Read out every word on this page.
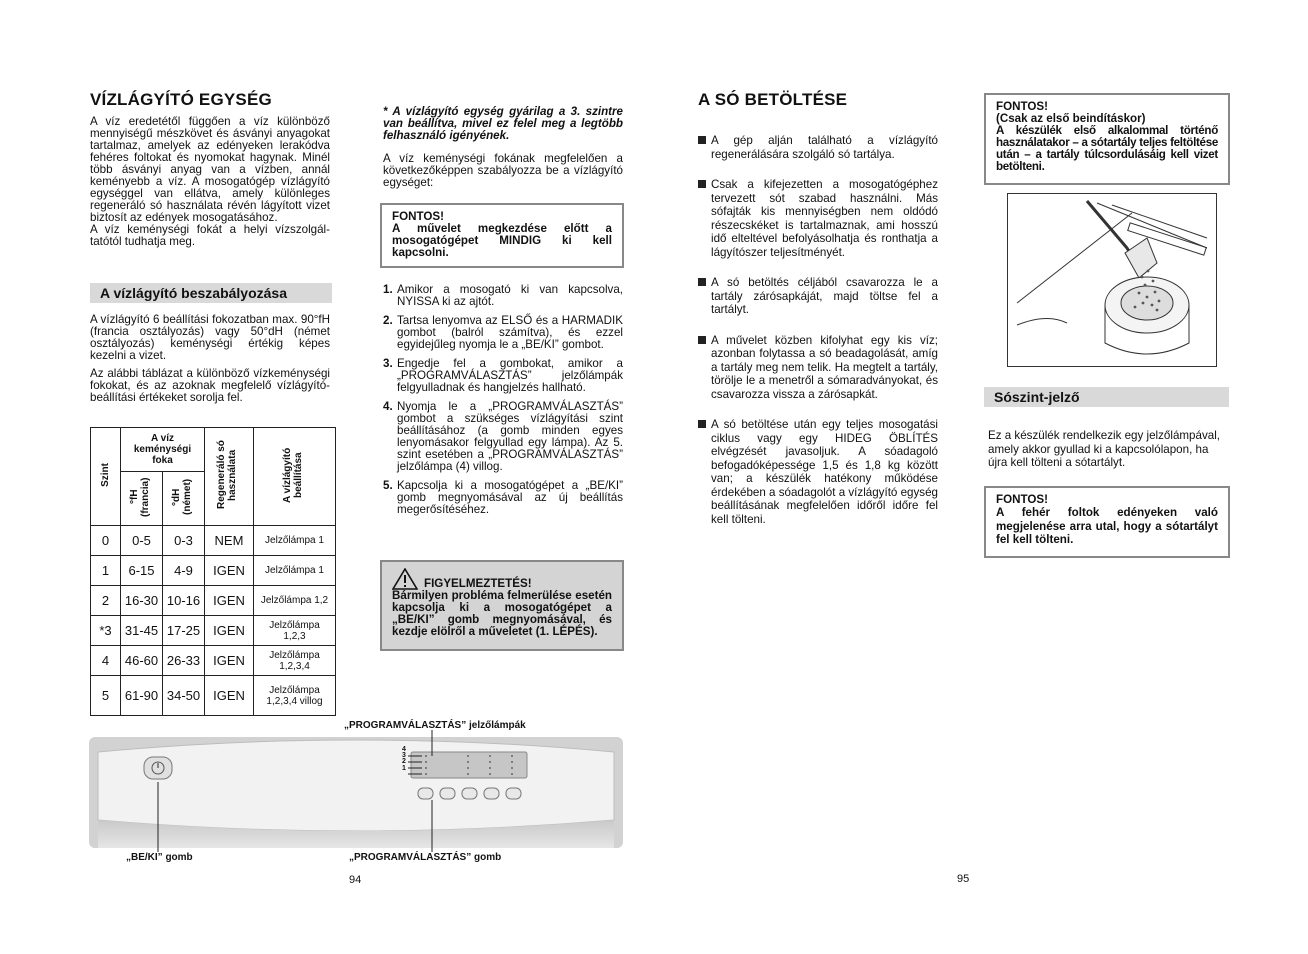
VÍZLÁGYÍTÓ EGYSÉG

A víz eredetétől függően a víz különböző mennyiségű mészkövet és ásványi anyagokat tartalmaz, amelyek az edényeken lerakódva fehéres foltokat és nyomokat hagynak. Minél több ásványi anyag van a vízben, annál keményebb a víz. A mosogatógép vízlágyító egységgel van ellátva, amely különleges regeneráló só használata révén lágyított vizet biztosít az edények mosogatásához.

A víz keménységi fokát a helyi vízszolgál-tatótól tudhatja meg.

A vízlágyító beszabályozása

A vízlágyító 6 beállítási fokozatban max. 90°fH (francia osztályozás) vagy 50°dH (német osztályozás) keménységi értékig képes kezelni a vizet.

Az alábbi táblázat a különböző vízkeménységi fokokat, és az azoknak megfelelő vízlágyító-beállítási értékeket sorolja fel.

Szint	A víz keménységi foka		Regeneráló só használata	A vízlágyító beállítása
	°fH (francia)	°dH (német)		
0	0-5	0-3	NEM	Jelzőlámpa 1
1	6-15	4-9	IGEN	Jelzőlámpa 1
2	16-30	10-16	IGEN	Jelzőlámpa 1,2
*3	31-45	17-25	IGEN	Jelzőlámpa 1,2,3
4	46-60	26-33	IGEN	Jelzőlámpa 1,2,3,4
5	61-90	34-50	IGEN	Jelzőlámpa 1,2,3,4 villog
* A vízlágyító egység gyárilag a 3. szintre van beállítva, mivel ez felel meg a legtöbb felhasználó igényének.
A víz keménységi fokának megfelelően a következőképpen szabályozza be a vízlágyító egységet:
FONTOS!
A művelet megkezdése előtt a mosogatógépet MINDIG ki kell kapcsolni.
1. Amikor a mosogató ki van kapcsolva, NYISSA ki az ajtót.
2. Tartsa lenyomva az ELSŐ és a HARMADIK gombot (balról számítva), és ezzel egyidejűleg nyomja le a „BE/KI” gombot.
3. Engedje fel a gombokat, amikor a „PROGRAMVÁLASZTÁS” jelzőlámpák felgyulladnak és hangjelzés hallható.
4. Nyomja le a „PROGRAMVÁLASZTÁS” gombot a szükséges vízlágyítási szint beállításához (a gomb minden egyes lenyomásakor felgyullad egy lámpa). Az 5. szint esetében a „PROGRAMVÁLASZTÁS” jelzőlámpa (4) villog.
5. Kapcsolja ki a mosogatógépet a „BE/KI” gomb megnyomásával az új beállítás megerősítéséhez.
FIGYELMEZTETÉS!
Bármilyen probléma felmerülése esetén kapcsolja ki a mosogatógépet a „BE/KI” gomb megnyomásával, és kezdje elölről a műveletet (1. LÉPÉS).
„PROGRAMVÁLASZTÁS” jelzőlámpák
4
3
2
1
„BE/KI” gomb	„PROGRAMVÁLASZTÁS” gomb
94
A SÓ BETÖLTÉSE
A gép alján található a vízlágyító regenerálására szolgáló só tartálya.
Csak a kifejezetten a mosogatógéphez tervezett sót szabad használni. Más sófajták kis mennyiségben nem oldódó részecskéket is tartalmaznak, ami hosszú idő elteltével befolyásolhatja és ronthatja a lágyítószer teljesítményét.
A só betöltés céljából csavarozza le a tartály zárósapkáját, majd töltse fel a tartályt.
A művelet közben kifolyhat egy kis víz; azonban folytassa a só beadagolását, amíg a tartály meg nem telik. Ha megtelt a tartály, törölje le a menetről a sómaradványokat, és csavarozza vissza a zárósapkát.
A só betöltése után egy teljes mosogatási ciklus vagy egy HIDEG ÖBLÍTÉS elvégzését javasoljuk. A sóadagoló befogadóképessége 1,5 és 1,8 kg között van; a készülék hatékony működése érdekében a sóadagolót a vízlágyító egység beállításának megfelelően időről időre fel kell tölteni.
95
FONTOS!
(Csak az első beindításkor)
A készülék első alkalommal történő használatakor – a sótartály teljes feltöltése után – a tartály túlcsordulásáig kell vizet betölteni.
Sószint-jelző
Ez a készülék rendelkezik egy jelzőlámpával, amely akkor gyullad ki a kapcsolólapon, ha újra kell tölteni a sótartályt.
FONTOS!
A fehér foltok edényeken való megjelenése arra utal, hogy a sótartályt fel kell tölteni.
